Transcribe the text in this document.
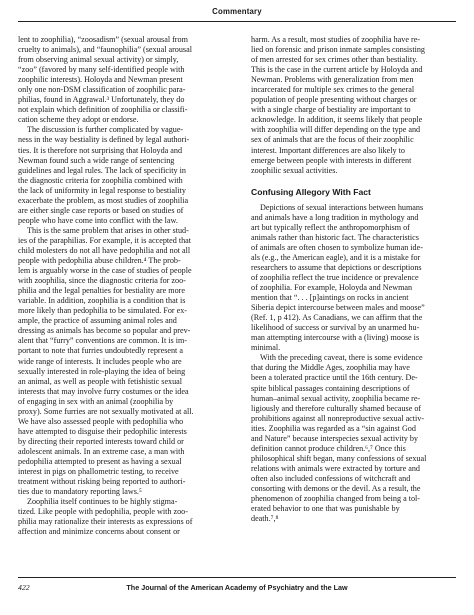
Commentary
lent to zoophilia), “zoosadism” (sexual arousal from
cruelty to animals), and “faunophilia” (sexual arousal
from observing animal sexual activity) or simply,
“zoo” (favored by many self-identified people with
zoophilic interests). Holoyda and Newman present
only one non-DSM classification of zoophilic para-
philias, found in Aggrawal.³ Unfortunately, they do
not explain which definition of zoophilia or classifi-
cation scheme they adopt or endorse.
The discussion is further complicated by vague-
ness in the way bestiality is defined by legal authori-
ties. It is therefore not surprising that Holoyda and
Newman found such a wide range of sentencing
guidelines and legal rules. The lack of specificity in
the diagnostic criteria for zoophilia combined with
the lack of uniformity in legal response to bestiality
exacerbate the problem, as most studies of zoophilia
are either single case reports or based on studies of
people who have come into conflict with the law.
This is the same problem that arises in other stud-
ies of the paraphilias. For example, it is accepted that
child molesters do not all have pedophilia and not all
people with pedophilia abuse children.⁴ The prob-
lem is arguably worse in the case of studies of people
with zoophilia, since the diagnostic criteria for zoo-
philia and the legal penalties for bestiality are more
variable. In addition, zoophilia is a condition that is
more likely than pedophilia to be simulated. For ex-
ample, the practice of assuming animal roles and
dressing as animals has become so popular and prev-
alent that “furry” conventions are common. It is im-
portant to note that furries undoubtedly represent a
wide range of interests. It includes people who are
sexually interested in role-playing the idea of being
an animal, as well as people with fetishistic sexual
interests that may involve furry costumes or the idea
of engaging in sex with an animal (zoophilia by
proxy). Some furries are not sexually motivated at all.
We have also assessed people with pedophilia who
have attempted to disguise their pedophilic interests
by directing their reported interests toward child or
adolescent animals. In an extreme case, a man with
pedophilia attempted to present as having a sexual
interest in pigs on phallometric testing, to receive
treatment without risking being reported to authori-
ties due to mandatory reporting laws.⁵
Zoophilia itself continues to be highly stigma-
tized. Like people with pedophilia, people with zoo-
philia may rationalize their interests as expressions of
affection and minimize concerns about consent or
harm. As a result, most studies of zoophilia have re-
lied on forensic and prison inmate samples consisting
of men arrested for sex crimes other than bestiality.
This is the case in the current article by Holoyda and
Newman. Problems with generalization from men
incarcerated for multiple sex crimes to the general
population of people presenting without charges or
with a single charge of bestiality are important to
acknowledge. In addition, it seems likely that people
with zoophilia will differ depending on the type and
sex of animals that are the focus of their zoophilic
interest. Important differences are also likely to
emerge between people with interests in different
zoophilic sexual activities.
Confusing Allegory With Fact
Depictions of sexual interactions between humans
and animals have a long tradition in mythology and
art but typically reflect the anthropomorphism of
animals rather than historic fact. The characteristics
of animals are often chosen to symbolize human ide-
als (e.g., the American eagle), and it is a mistake for
researchers to assume that depictions or descriptions
of zoophilia reflect the true incidence or prevalence
of zoophilia. For example, Holoyda and Newman
mention that “. . . [p]aintings on rocks in ancient
Siberia depict intercourse between males and moose”
(Ref. 1, p 412). As Canadians, we can affirm that the
likelihood of success or survival by an unarmed hu-
man attempting intercourse with a (living) moose is
minimal.
With the preceding caveat, there is some evidence
that during the Middle Ages, zoophilia may have
been a tolerated practice until the 16th century. De-
spite biblical passages containing descriptions of
human–animal sexual activity, zoophilia became re-
ligiously and therefore culturally shamed because of
prohibitions against all nonreproductive sexual activ-
ities. Zoophilia was regarded as a “sin against God
and Nature” because interspecies sexual activity by
definition cannot produce children.⁶,⁷ Once this
philosophical shift began, many confessions of sexual
relations with animals were extracted by torture and
often also included confessions of witchcraft and
consorting with demons or the devil. As a result, the
phenomenon of zoophilia changed from being a tol-
erated behavior to one that was punishable by
death.⁷,⁸
422	The Journal of the American Academy of Psychiatry and the Law
